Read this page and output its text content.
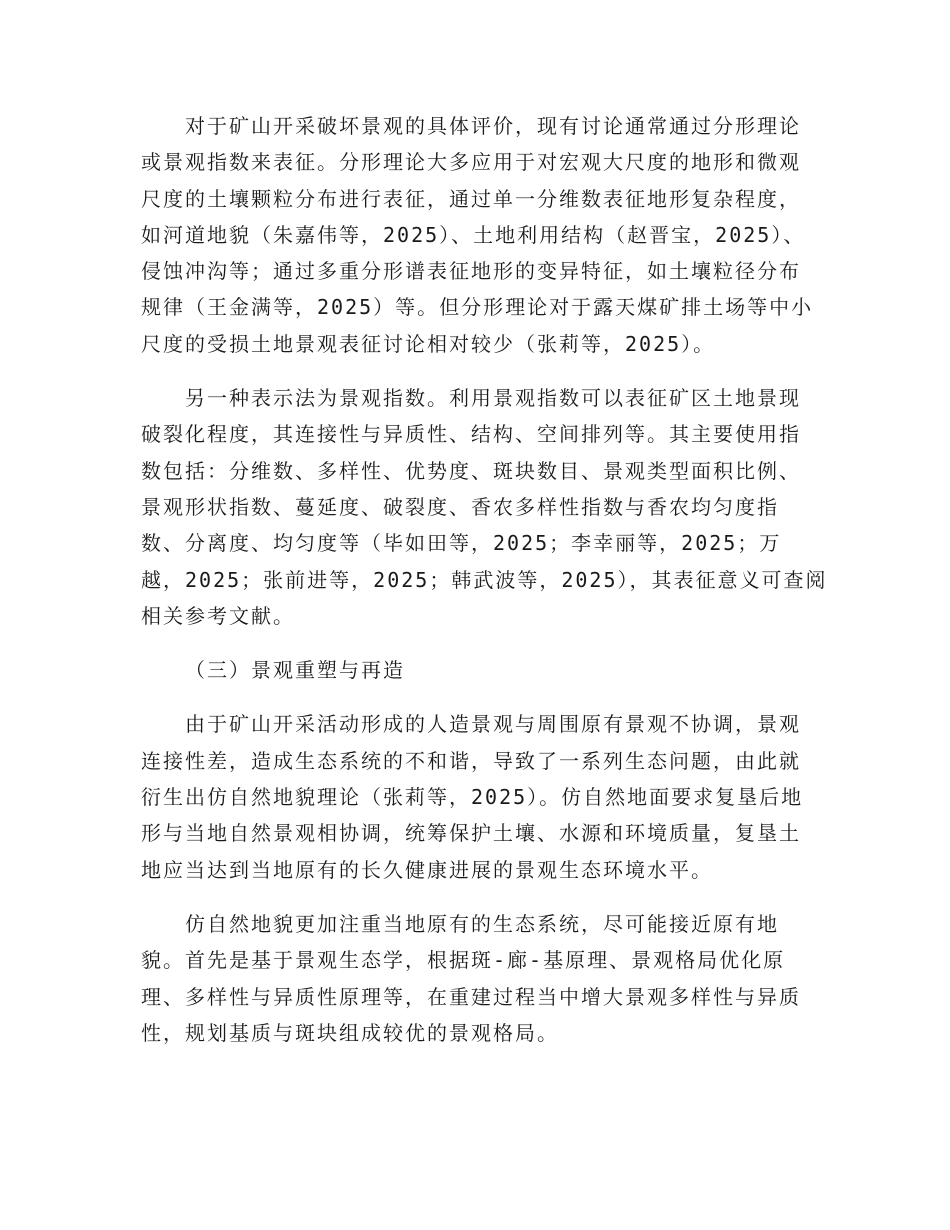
对于矿山开采破坏景观的具体评价，现有讨论通常通过分形理论
或景观指数来表征。分形理论大多应用于对宏观大尺度的地形和微观
尺度的土壤颗粒分布进行表征，通过单一分维数表征地形复杂程度，
如河道地貌（朱嘉伟等，2025）、土地利用结构（赵晋宝，2025）、
侵蚀冲沟等；通过多重分形谱表征地形的变异特征，如土壤粒径分布
规律（王金满等，2025）等。但分形理论对于露天煤矿排土场等中小
尺度的受损土地景观表征讨论相对较少（张莉等，2025）。

另一种表示法为景观指数。利用景观指数可以表征矿区土地景现
破裂化程度，其连接性与异质性、结构、空间排列等。其主要使用指
数包括：分维数、多样性、优势度、斑块数目、景观类型面积比例、
景观形状指数、蔓延度、破裂度、香农多样性指数与香农均匀度指
数、分离度、均匀度等（毕如田等，2025；李幸丽等，2025；万
越，2025；张前进等，2025；韩武波等，2025），其表征意义可查阅
相关参考文献。

（三）景观重塑与再造

由于矿山开采活动形成的人造景观与周围原有景观不协调，景观
连接性差，造成生态系统的不和谐，导致了一系列生态问题，由此就
衍生出仿自然地貌理论（张莉等，2025）。仿自然地面要求复垦后地
形与当地自然景观相协调，统筹保护土壤、水源和环境质量，复垦土
地应当达到当地原有的长久健康进展的景观生态环境水平。

仿自然地貌更加注重当地原有的生态系统，尽可能接近原有地
貌。首先是基于景观生态学，根据斑-廊-基原理、景观格局优化原
理、多样性与异质性原理等，在重建过程当中增大景观多样性与异质
性，规划基质与斑块组成较优的景观格局。
